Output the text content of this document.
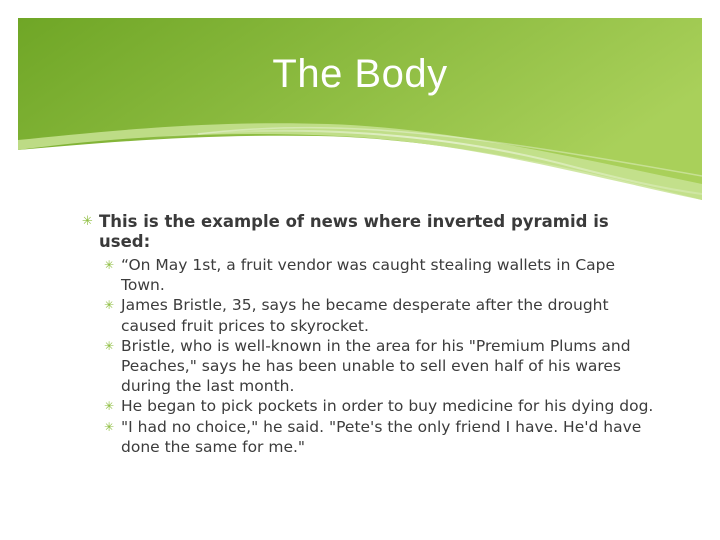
The Body
✳ This is the example of news where inverted pyramid is used:
✳ “On May 1st, a fruit vendor was caught stealing wallets in Cape Town.
✳ James Bristle, 35, says he became desperate after the drought caused fruit prices to skyrocket.
✳ Bristle, who is well-known in the area for his "Premium Plums and Peaches," says he has been unable to sell even half of his wares during the last month.
✳ He began to pick pockets in order to buy medicine for his dying dog.
✳ "I had no choice," he said. "Pete's the only friend I have. He'd have done the same for me."
